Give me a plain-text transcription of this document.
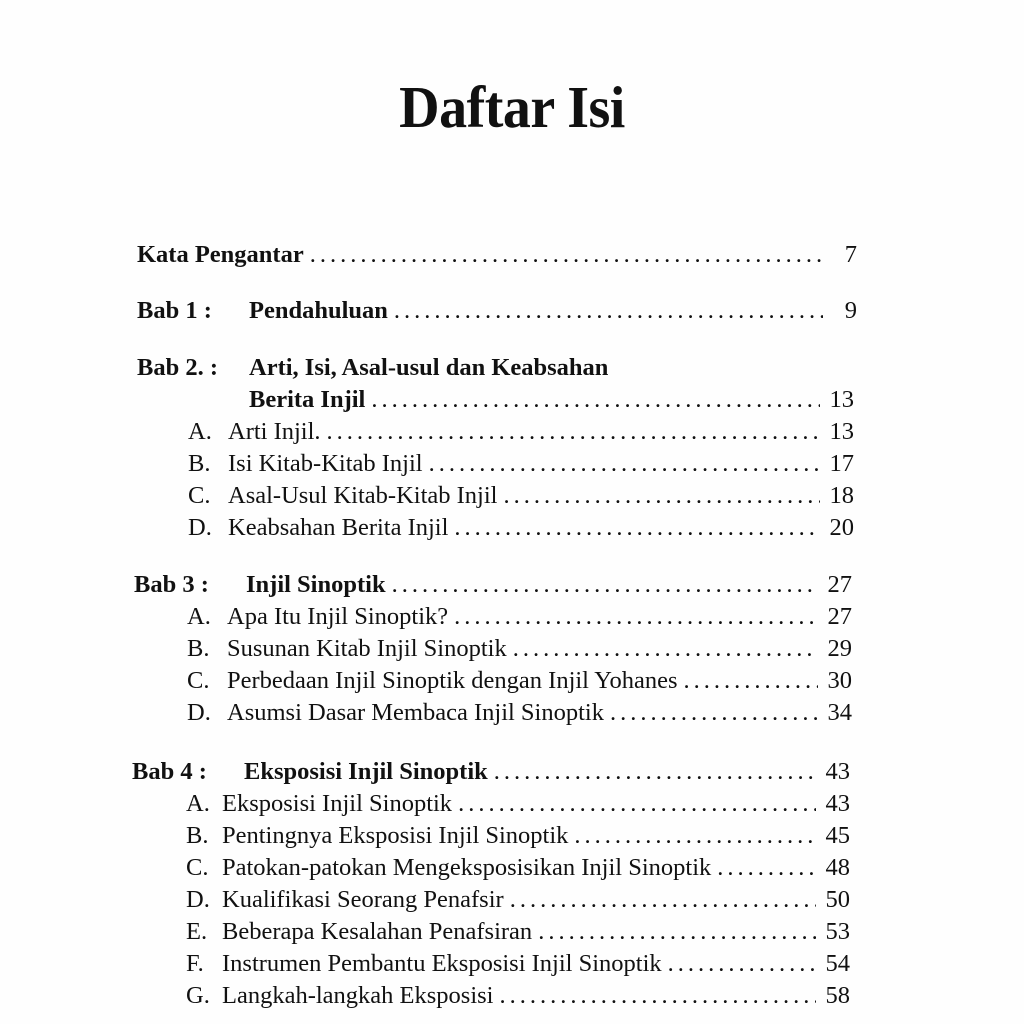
Daftar Isi
Kata Pengantar .....	7
Bab 1 :	Pendahuluan .....	9
Bab 2. :	Arti, Isi, Asal-usul dan Keabsahan
Berita Injil .....	13
A. Arti Injil. .....	13
B. Isi Kitab-Kitab Injil .....	17
C. Asal-Usul Kitab-Kitab Injil .....	18
D. Keabsahan Berita Injil .....	20
Bab 3 :	Injil Sinoptik .....	27
A. Apa Itu Injil Sinoptik? .....	27
B. Susunan Kitab Injil Sinoptik .....	29
C. Perbedaan Injil Sinoptik dengan Injil Yohanes .....	30
D. Asumsi Dasar Membaca Injil Sinoptik .....	34
Bab 4 :	Eksposisi Injil Sinoptik .....	43
A. Eksposisi Injil Sinoptik .....	43
B. Pentingnya Eksposisi Injil Sinoptik .....	45
C. Patokan-patokan Mengeksposisikan Injil Sinoptik .....	48
D. Kualifikasi Seorang Penafsir .....	50
E. Beberapa Kesalahan Penafsiran .....	53
F. Instrumen Pembantu Eksposisi Injil Sinoptik .....	54
G. Langkah-langkah Eksposisi .....	58
